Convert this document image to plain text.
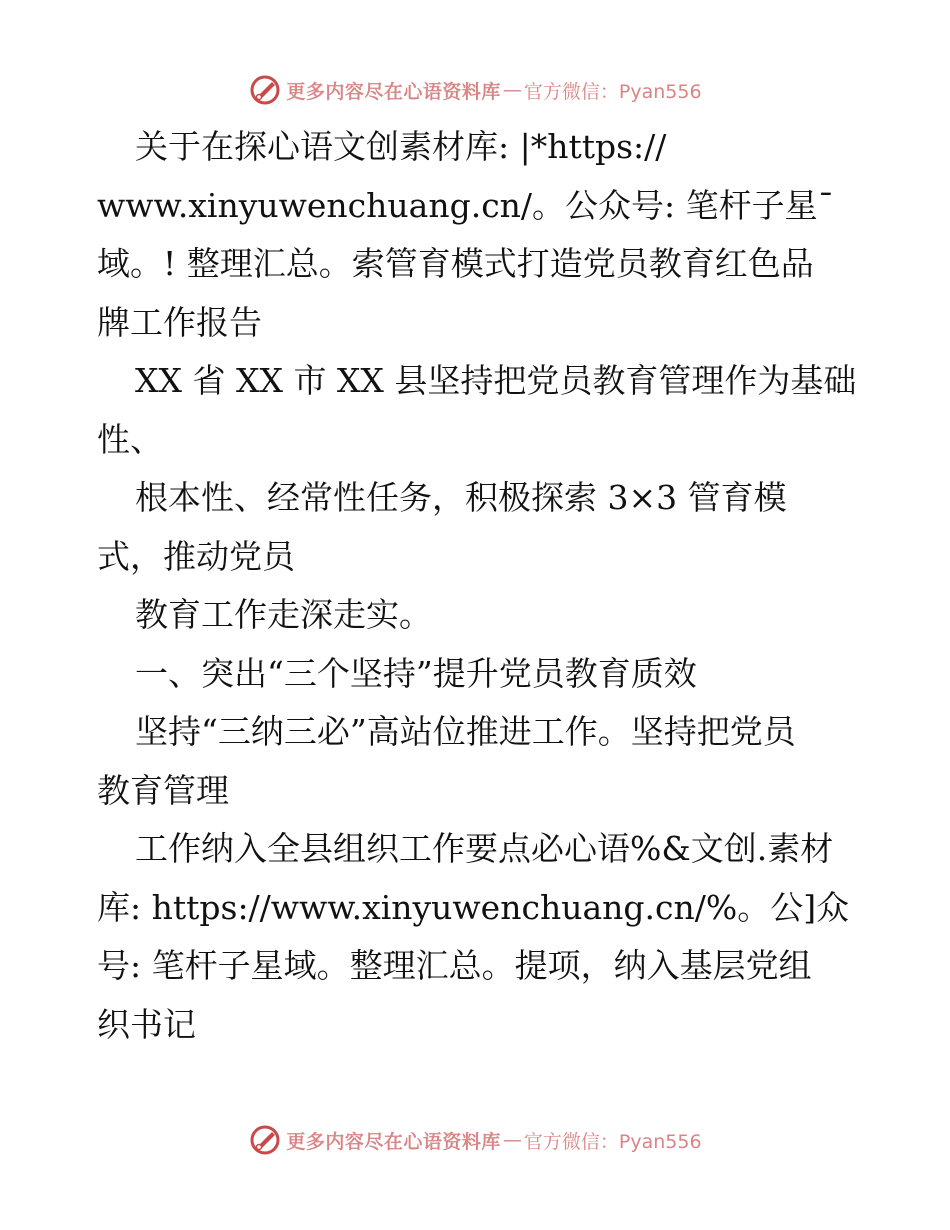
更多内容尽在心语资料库 — 官方微信：Pyan556
关于在探心语文创素材库: |*https://
www.xinyuwenchuang.cn/。公众号: 笔杆子星¯
域。! 整理汇总。索管育模式打造党员教育红色品
牌工作报告
XX 省 XX 市 XX 县坚持把党员教育管理作为基础
性、
根本性、经常性任务，积极探索 3×3 管育模
式，推动党员
教育工作走深走实。
一、突出“三个坚持”提升党员教育质效
坚持“三纳三必”高站位推进工作。坚持把党员
教育管理
工作纳入全县组织工作要点必心语%&文创.素材
库: https://www.xinyuwenchuang.cn/%。公]众
号: 笔杆子星域。整理汇总。提项，纳入基层党组
织书记
更多内容尽在心语资料库 — 官方微信：Pyan556
